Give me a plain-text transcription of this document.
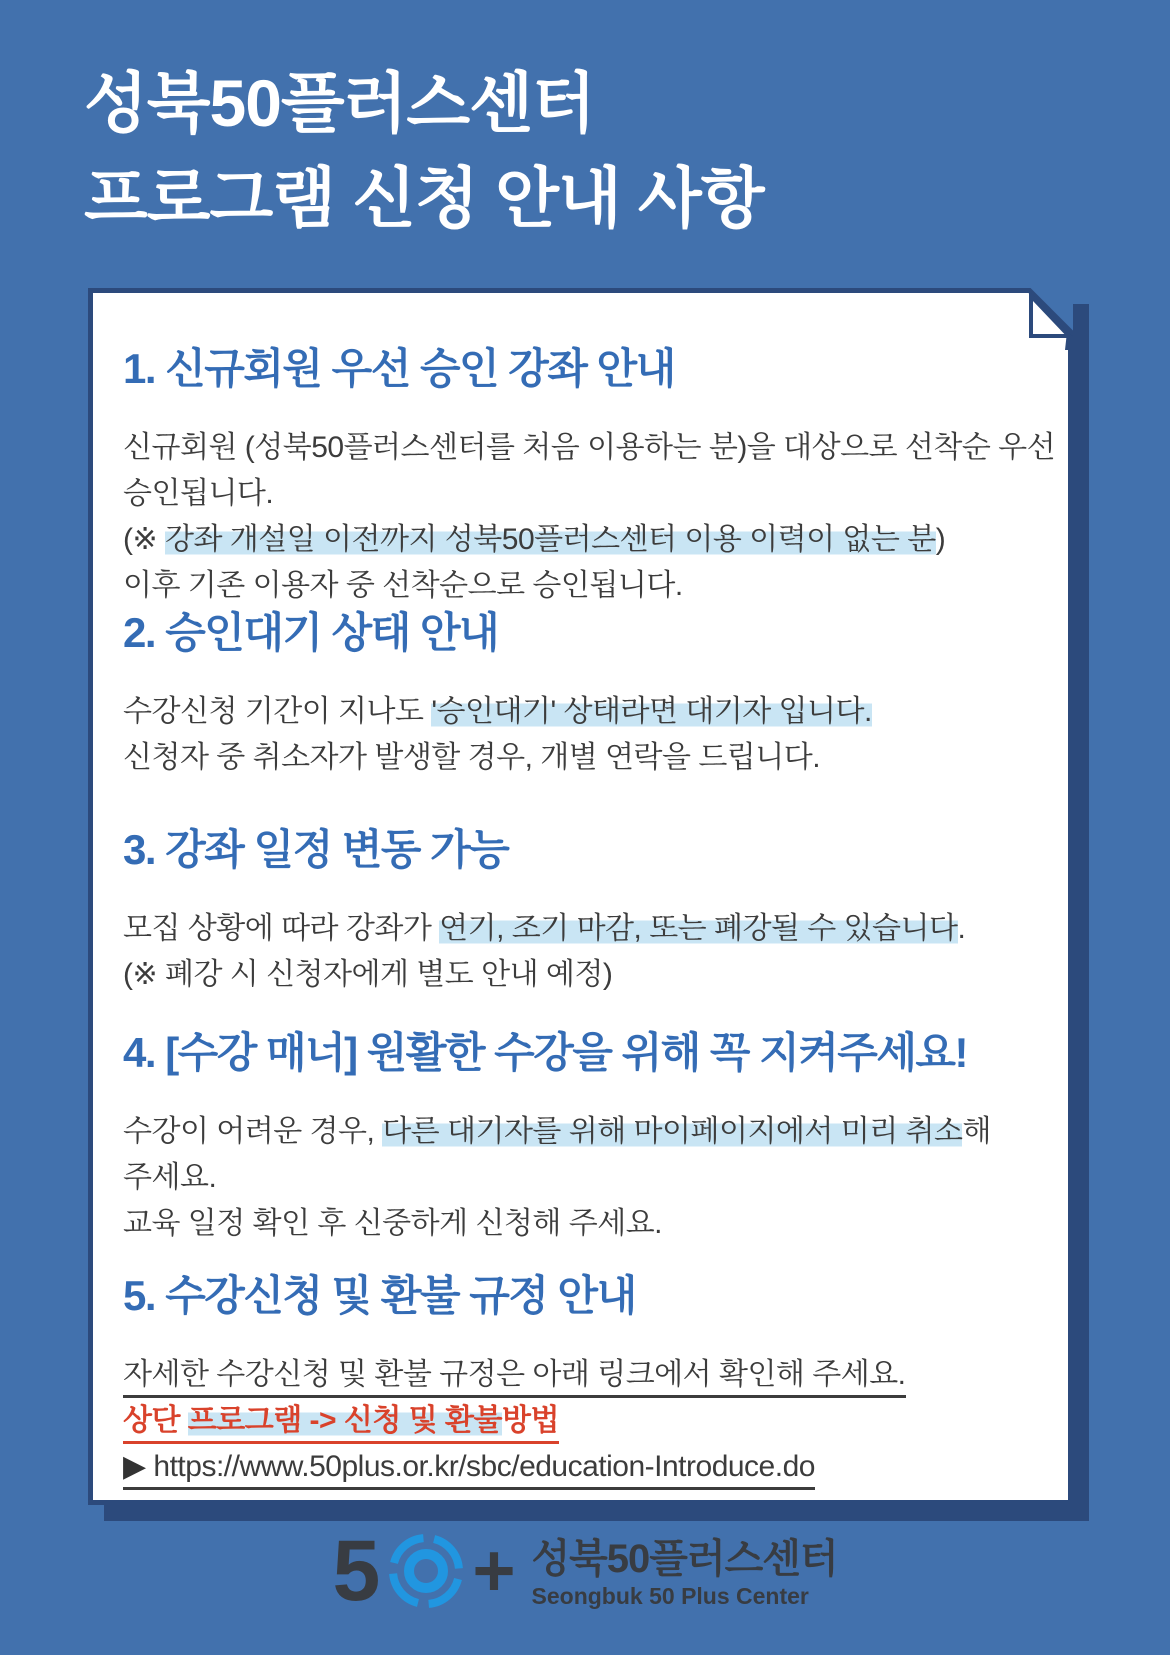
성북50플러스센터
프로그램 신청 안내 사항
1. 신규회원 우선 승인 강좌 안내

신규회원 (성북50플러스센터를 처음 이용하는 분)을 대상으로 선착순 우선

승인됩니다.

(※ 강좌 개설일 이전까지 성북50플러스센터 이용 이력이 없는 분)

이후 기존 이용자 중 선착순으로 승인됩니다.

2. 승인대기 상태 안내

수강신청 기간이 지나도 '승인대기' 상태라면 대기자 입니다.

신청자 중 취소자가 발생할 경우, 개별 연락을 드립니다.

3. 강좌 일정 변동 가능

모집 상황에 따라 강좌가 연기, 조기 마감, 또는 폐강될 수 있습니다.

(※ 폐강 시 신청자에게 별도 안내 예정)

4. [수강 매너] 원활한 수강을 위해 꼭 지켜주세요!

수강이 어려운 경우, 다른 대기자를 위해 마이페이지에서 미리 취소해

주세요.

교육 일정 확인 후 신중하게 신청해 주세요.

5. 수강신청 및 환불 규정 안내

자세한 수강신청 및 환불 규정은 아래 링크에서 확인해 주세요.

상단 프로그램 -> 신청 및 환불방법

▶ https://www.50plus.or.kr/sbc/education-Introduce.do

5 + 성북50플러스센터
Seongbuk 50 Plus Center
